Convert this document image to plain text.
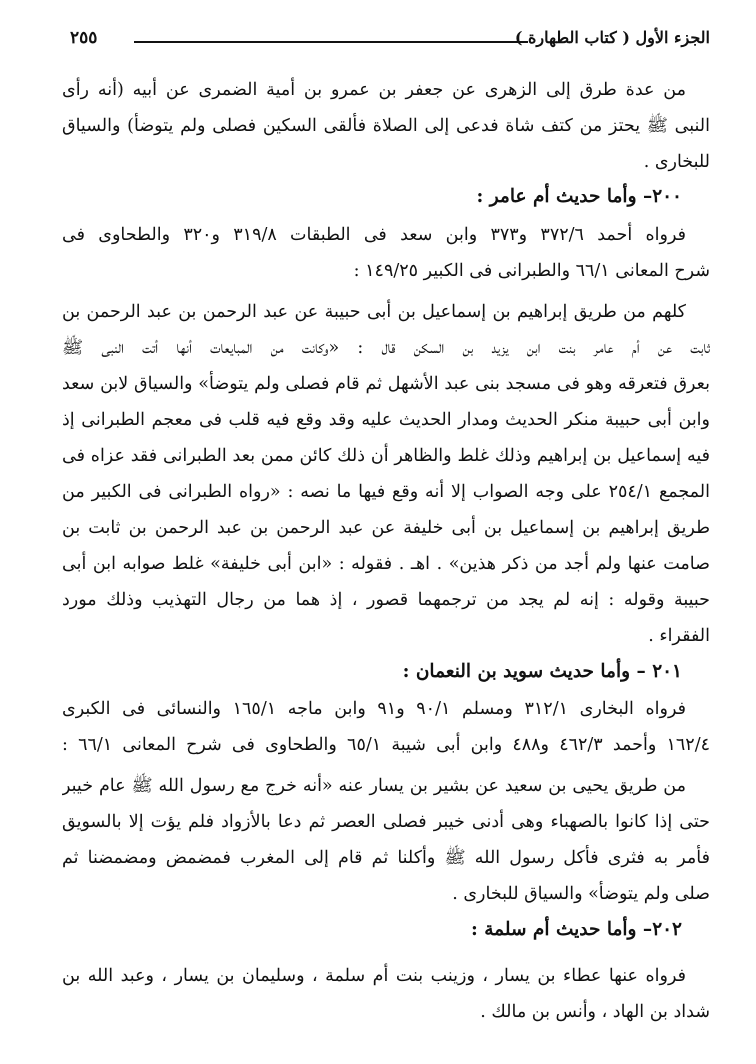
الجزء الأول ( كتاب الطهارة )
٢٥٥
من عدة طرق إلى الزهرى عن جعفر بن عمرو بن أمية الضمرى عن أبيه (أنه رأى
النبى ﷺ يحتز من كتف شاة فدعى إلى الصلاة فألقى السكين فصلى ولم يتوضأ) والسياق
للبخارى .
٢٠٠– وأما حديث أم عامر :
فرواه أحمد ٣٧٢/٦ و٣٧٣ وابن سعد فى الطبقات ٣١٩/٨ و٣٢٠ والطحاوى فى
شرح المعانى ٦٦/١ والطبرانى فى الكبير ١٤٩/٢٥ :
كلهم من طريق إبراهيم بن إسماعيل بن أبى حبيبة عن عبد الرحمن بن عبد الرحمن بن
ثابت عن أم عامر بنت ابن يزيد بن السكن قال : «وكانت من المبايعات أنها أتت النبى ﷺ
بعرق فتعرقه وهو فى مسجد بنى عبد الأشهل ثم قام فصلى ولم يتوضأ» والسياق لابن سعد
وابن أبى حبيبة منكر الحديث ومدار الحديث عليه وقد وقع فيه قلب فى معجم الطبرانى إذ
فيه إسماعيل بن إبراهيم وذلك غلط والظاهر أن ذلك كائن ممن بعد الطبرانى فقد عزاه فى
المجمع ٢٥٤/١ على وجه الصواب إلا أنه وقع فيها ما نصه : «رواه الطبرانى فى الكبير من
طريق إبراهيم بن إسماعيل بن أبى خليفة عن عبد الرحمن بن عبد الرحمن بن ثابت بن
صامت عنها ولم أجد من ذكر هذين» . اهـ . فقوله : «ابن أبى خليفة» غلط صوابه ابن أبى
حبيبة وقوله : إنه لم يجد من ترجمهما قصور ، إذ هما من رجال التهذيب وذلك مورد
الفقراء .
٢٠١ – وأما حديث سويد بن النعمان :
فرواه البخارى ٣١٢/١ ومسلم ٩٠/١ و٩١ وابن ماجه ١٦٥/١ والنسائى فى الكبرى
١٦٢/٤ وأحمد ٤٦٢/٣ و٤٨٨ وابن أبى شيبة ٦٥/١ والطحاوى فى شرح المعانى ٦٦/١ :
من طريق يحيى بن سعيد عن بشير بن يسار عنه «أنه خرج مع رسول الله ﷺ عام خيبر
حتى إذا كانوا بالصهباء وهى أدنى خيبر فصلى العصر ثم دعا بالأزواد فلم يؤت إلا بالسويق
فأمر به فثرى فأكل رسول الله ﷺ وأكلنا ثم قام إلى المغرب فمضمض ومضمضنا ثم
صلى ولم يتوضأ» والسياق للبخارى .
٢٠٢– وأما حديث أم سلمة :
فرواه عنها عطاء بن يسار ، وزينب بنت أم سلمة ، وسليمان بن يسار ، وعبد الله بن
شداد بن الهاد ، وأنس بن مالك .
